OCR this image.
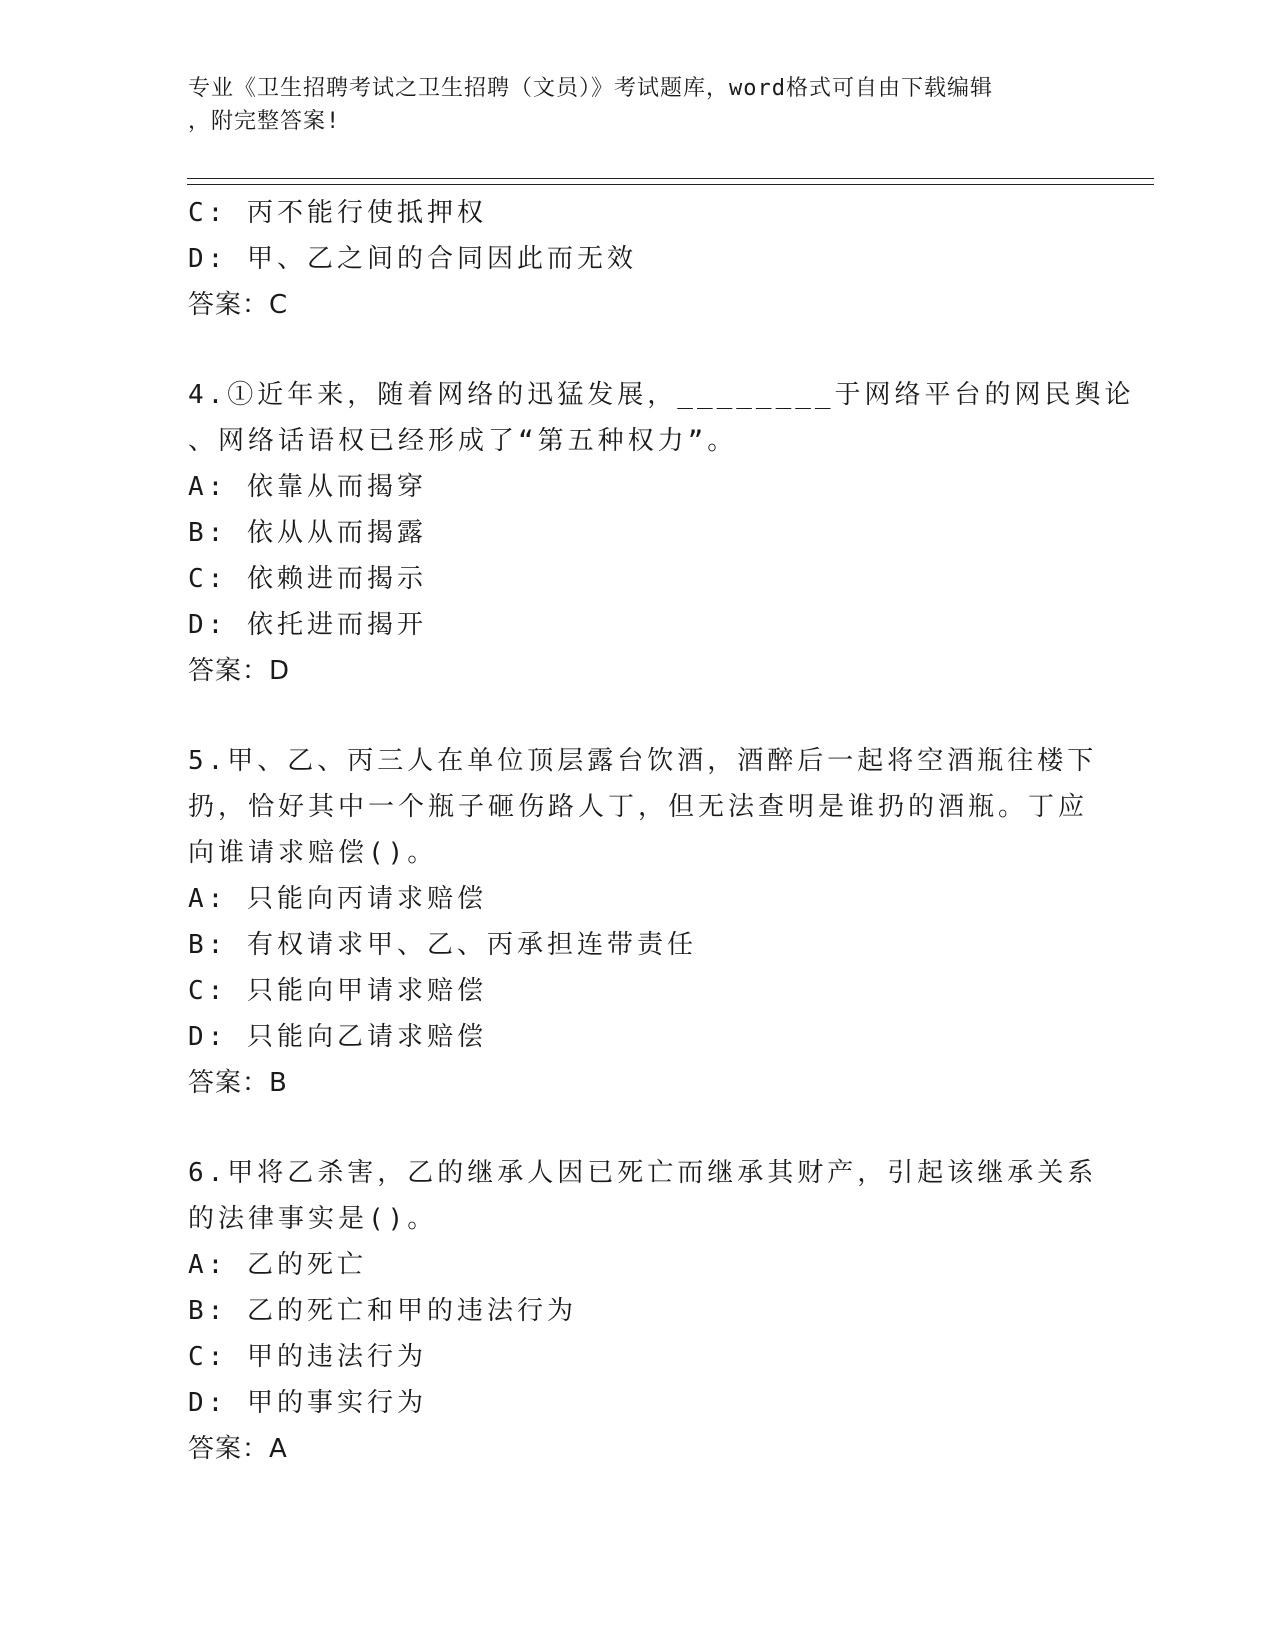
专业《卫生招聘考试之卫生招聘（文员）》考试题库，word格式可自由下载编辑
，附完整答案!
C: 丙不能行使抵押权
D: 甲、乙之间的合同因此而无效
答案：C
4.①近年来，随着网络的迅猛发展，________于网络平台的网民舆论
、网络话语权已经形成了“第五种权力”。
A: 依靠从而揭穿
B: 依从从而揭露
C: 依赖进而揭示
D: 依托进而揭开
答案：D
5.甲、乙、丙三人在单位顶层露台饮酒，酒醉后一起将空酒瓶往楼下
扔，恰好其中一个瓶子砸伤路人丁，但无法查明是谁扔的酒瓶。丁应
向谁请求赔偿()。
A: 只能向丙请求赔偿
B: 有权请求甲、乙、丙承担连带责任
C: 只能向甲请求赔偿
D: 只能向乙请求赔偿
答案：B
6.甲将乙杀害，乙的继承人因已死亡而继承其财产，引起该继承关系
的法律事实是()。
A: 乙的死亡
B: 乙的死亡和甲的违法行为
C: 甲的违法行为
D: 甲的事实行为
答案：A
